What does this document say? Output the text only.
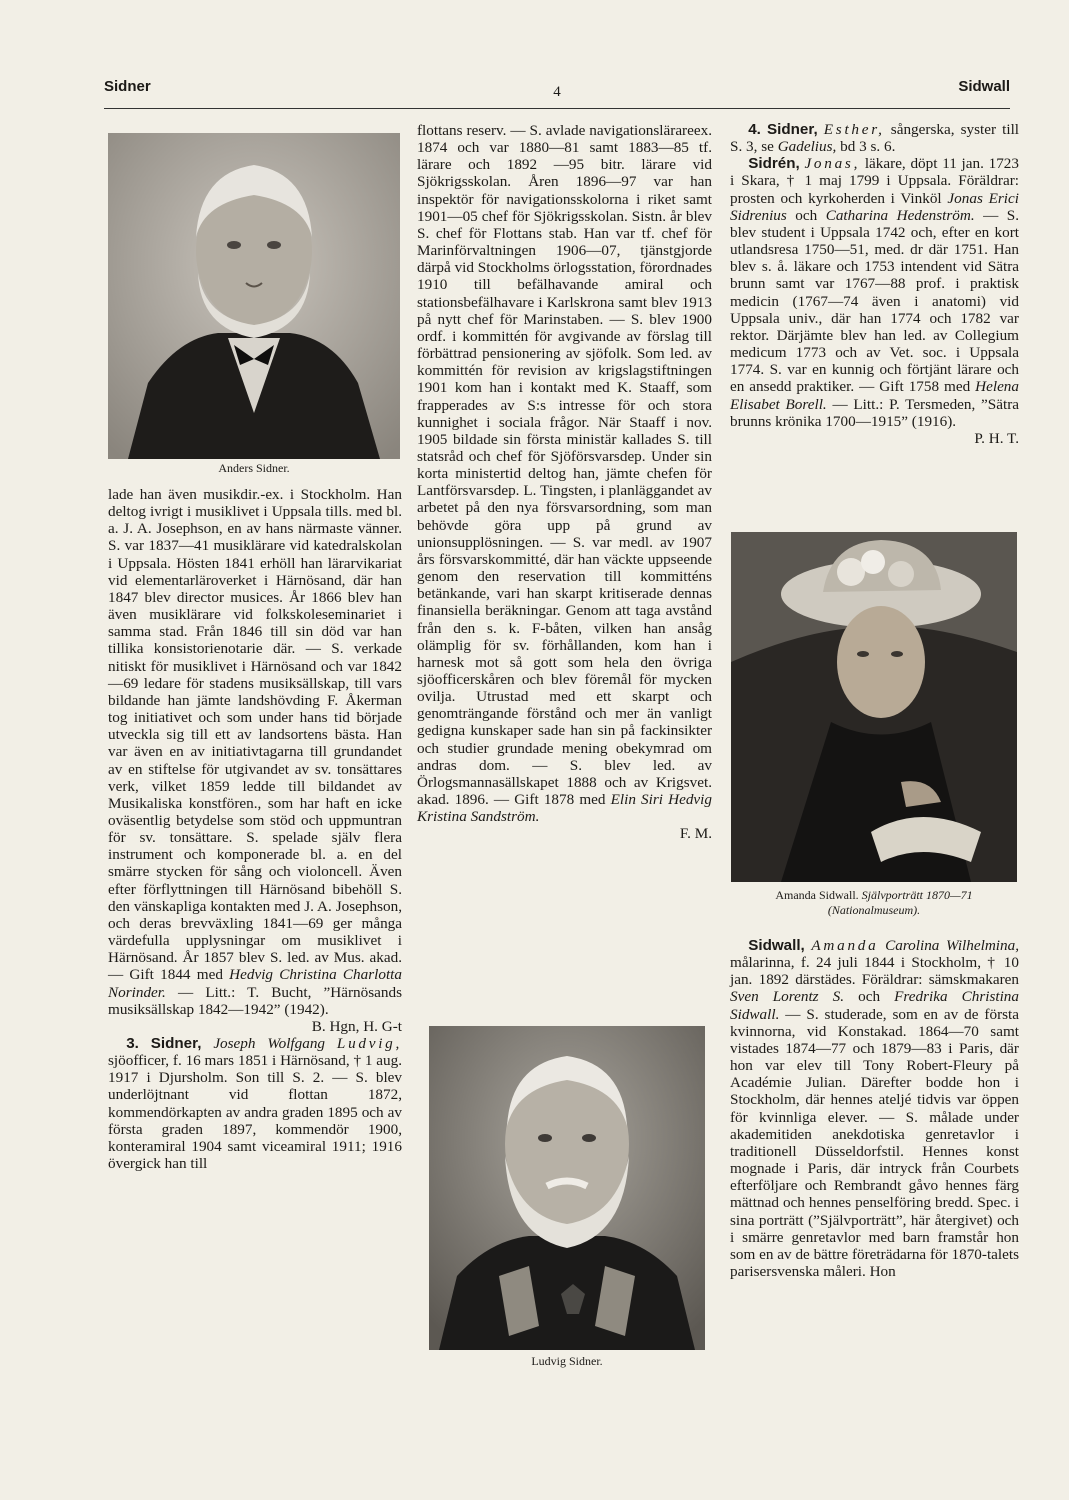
Sidner	4	Sidwall
Anders Sidner.

lade han även musikdir.-ex. i Stockholm. Han deltog ivrigt i musiklivet i Uppsala tills. med bl. a. J. A. Josephson, en av hans närmaste vänner. S. var 1837—41 musiklärare vid katedralskolan i Uppsala. Hösten 1841 erhöll han lärarvikariat vid elementarläroverket i Härnösand, där han 1847 blev director musices. År 1866 blev han även musiklärare vid folkskoleseminariet i samma stad. Från 1846 till sin död var han tillika konsistorienotarie där. — S. verkade nitiskt för musiklivet i Härnösand och var 1842 —69 ledare för stadens musiksällskap, till vars bildande han jämte landshövding F. Åkerman tog initiativet och som under hans tid började utveckla sig till ett av landsortens bästa. Han var även en av initiativtagarna till grundandet av en stiftelse för utgivandet av sv. tonsättares verk, vilket 1859 ledde till bildandet av Musikaliska konstfören., som har haft en icke oväsentlig betydelse som stöd och uppmuntran för sv. tonsättare. S. spelade själv flera instrument och komponerade bl. a. en del smärre stycken för sång och violoncell. Även efter förflyttningen till Härnösand bibehöll S. den vänskapliga kontakten med J. A. Josephson, och deras brevväxling 1841—69 ger många värdefulla upplysningar om musiklivet i Härnösand. År 1857 blev S. led. av Mus. akad. — Gift 1844 med Hedvig Christina Charlotta Norinder. — Litt.: T. Bucht, ”Härnösands musiksällskap 1842—1942” (1942).
B. Hgn, H. G-t

3. Sidner, Joseph Wolfgang Ludvig, sjöofficer, f. 16 mars 1851 i Härnösand, † 1 aug. 1917 i Djursholm. Son till S. 2. — S. blev underlöjtnant vid flottan 1872, kommendörkapten av andra graden 1895 och av första graden 1897, kommendör 1900, konteramiral 1904 samt viceamiral 1911; 1916 övergick han till

flottans reserv. — S. avlade navigationslärareex. 1874 och var 1880—81 samt 1883—85 tf. lärare och 1892 —95 bitr. lärare vid Sjökrigsskolan. Åren 1896—97 var han inspektör för navigationsskolorna i riket samt 1901—05 chef för Sjökrigsskolan. Sistn. år blev S. chef för Flottans stab. Han var tf. chef för Marinförvaltningen 1906—07, tjänstgjorde därpå vid Stockholms örlogsstation, förordnades 1910 till befälhavande amiral och stationsbefälhavare i Karlskrona samt blev 1913 på nytt chef för Marinstaben. — S. blev 1900 ordf. i kommittén för avgivande av förslag till förbättrad pensionering av sjöfolk. Som led. av kommittén för revision av krigslagstiftningen 1901 kom han i kontakt med K. Staaff, som frapperades av S:s intresse för och stora kunnighet i sociala frågor. När Staaff i nov. 1905 bildade sin första ministär kallades S. till statsråd och chef för Sjöförsvarsdep. Under sin korta ministertid deltog han, jämte chefen för Lantförsvarsdep. L. Tingsten, i planläggandet av arbetet på den nya försvarsordning, som man behövde göra upp på grund av unionsupplösningen. — S. var medl. av 1907 års försvarskommitté, där han väckte uppseende genom den reservation till kommitténs betänkande, vari han skarpt kritiserade dennas finansiella beräkningar. Genom att taga avstånd från den s. k. F-båten, vilken han ansåg olämplig för sv. förhållanden, kom han i harnesk mot så gott som hela den övriga sjöofficerskåren och blev föremål för mycken ovilja. Utrustad med ett skarpt och genomträngande förstånd och mer än vanligt gedigna kunskaper sade han sin på fackinsikter och studier grundade mening obekymrad om andras dom. — S. blev led. av Örlogsmannasällskapet 1888 och av Krigsvet. akad. 1896. — Gift 1878 med Elin Siri Hedvig Kristina Sandström.
F. M.

Ludvig Sidner.

4. Sidner, Esther, sångerska, syster till S. 3, se Gadelius, bd 3 s. 6.

Sidrén, Jonas, läkare, döpt 11 jan. 1723 i Skara, † 1 maj 1799 i Uppsala. Föräldrar: prosten och kyrkoherden i Vinköl Jonas Erici Sidrenius och Catharina Hedenström. — S. blev student i Uppsala 1742 och, efter en kort utlandsresa 1750—51, med. dr där 1751. Han blev s. å. läkare och 1753 intendent vid Sätra brunn samt var 1767—88 prof. i praktisk medicin (1767—74 även i anatomi) vid Uppsala univ., där han 1774 och 1782 var rektor. Därjämte blev han led. av Collegium medicum 1773 och av Vet. soc. i Uppsala 1774. S. var en kunnig och förtjänt lärare och en ansedd praktiker. — Gift 1758 med Helena Elisabet Borell. — Litt.: P. Tersmeden, ”Sätra brunns krönika 1700—1915” (1916).
P. H. T.

Amanda Sidwall. Självporträtt 1870—71
(Nationalmuseum).

Sidwall, Amanda Carolina Wilhelmina, målarinna, f. 24 juli 1844 i Stockholm, † 10 jan. 1892 därstädes. Föräldrar: sämskmakaren Sven Lorentz S. och Fredrika Christina Sidwall. — S. studerade, som en av de första kvinnorna, vid Konstakad. 1864—70 samt vistades 1874—77 och 1879—83 i Paris, där hon var elev till Tony Robert-Fleury på Académie Julian. Därefter bodde hon i Stockholm, där hennes ateljé tidvis var öppen för kvinnliga elever. — S. målade under akademitiden anekdotiska genretavlor i traditionell Düsseldorfstil. Hennes konst mognade i Paris, där intryck från Courbets efterföljare och Rembrandt gåvo hennes färg mättnad och hennes penselföring bredd. Spec. i sina porträtt (”Självporträtt”, här återgivet) och i smärre genretavlor med barn framstår hon som en av de bättre företrädarna för 1870-talets parisersvenska måleri. Hon
